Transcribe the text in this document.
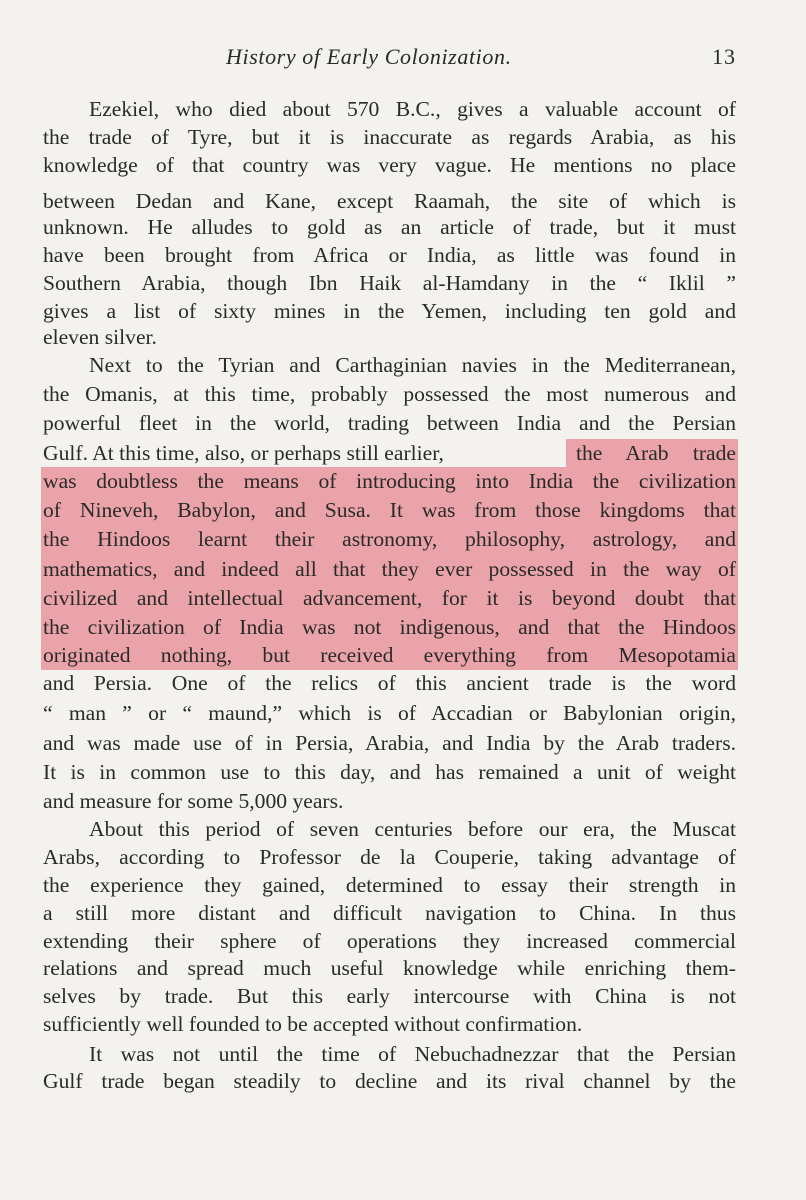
History of Early Colonization.	13
Ezekiel, who died about 570 B.C., gives a valuable account of
the trade of Tyre, but it is inaccurate as regards Arabia, as his
knowledge of that country was very vague. He mentions no place
between Dedan and Kane, except Raamah, the site of which is
unknown. He alludes to gold as an article of trade, but it must
have been brought from Africa or India, as little was found in
Southern Arabia, though Ibn Haik al-Hamdany in the “ Iklil ”
gives a list of sixty mines in the Yemen, including ten gold and
eleven silver.
Next to the Tyrian and Carthaginian navies in the Mediterranean,
the Omanis, at this time, probably possessed the most numerous and
powerful fleet in the world, trading between India and the Persian
Gulf. At this time, also, or perhaps still earlier,	the Arab trade
was doubtless the means of introducing into India the civilization
of Nineveh, Babylon, and Susa. It was from those kingdoms that
the Hindoos learnt their astronomy, philosophy, astrology, and
mathematics, and indeed all that they ever possessed in the way of
civilized and intellectual advancement, for it is beyond doubt that
the civilization of India was not indigenous, and that the Hindoos
originated nothing, but received everything from Mesopotamia
and Persia. One of the relics of this ancient trade is the word
“ man ” or “ maund,” which is of Accadian or Babylonian origin,
and was made use of in Persia, Arabia, and India by the Arab traders.
It is in common use to this day, and has remained a unit of weight
and measure for some 5,000 years.
About this period of seven centuries before our era, the Muscat
Arabs, according to Professor de la Couperie, taking advantage of
the experience they gained, determined to essay their strength in
a still more distant and difficult navigation to China. In thus
extending their sphere of operations they increased commercial
relations and spread much useful knowledge while enriching them-
selves by trade. But this early intercourse with China is not
sufficiently well founded to be accepted without confirmation.
It was not until the time of Nebuchadnezzar that the Persian
Gulf trade began steadily to decline and its rival channel by the
